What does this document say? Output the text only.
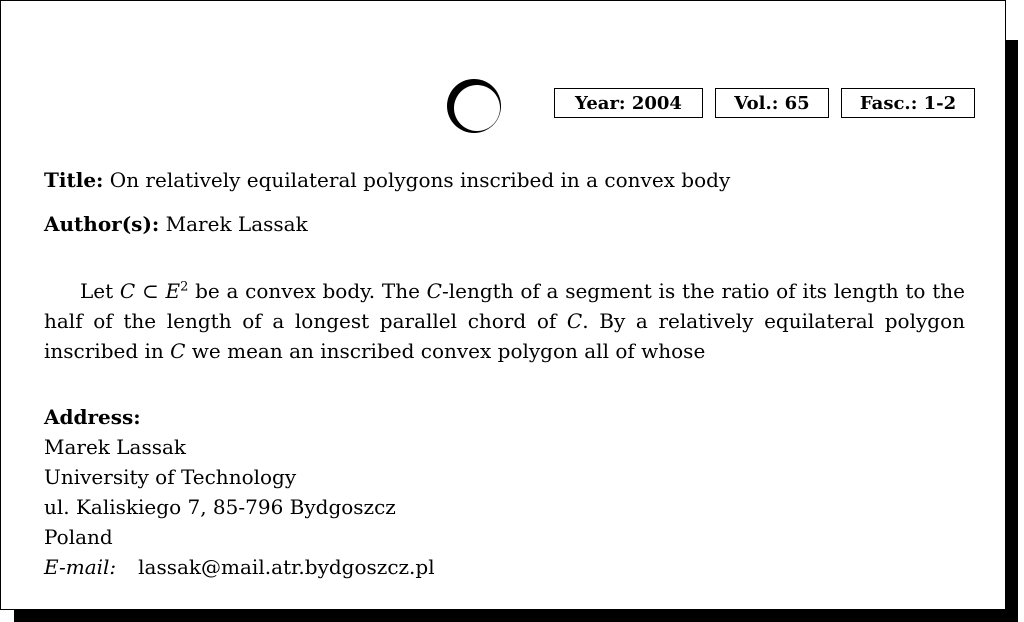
Year: 2004	Vol.: 65	Fasc.: 1-2
Title: On relatively equilateral polygons inscribed in a convex body
Author(s): Marek Lassak

Let C ⊂ $E^2$ be a convex body. The C-length of a segment is the ratio of its length to the half of the length of a longest parallel chord of C. By a relatively equilateral polygon inscribed in C we mean an inscribed convex polygon all of whose

Address:
Marek Lassak
University of Technology
ul. Kaliskiego 7, 85-796 Bydgoszcz
Poland
E-mail: lassak@mail.atr.bydgoszcz.pl
